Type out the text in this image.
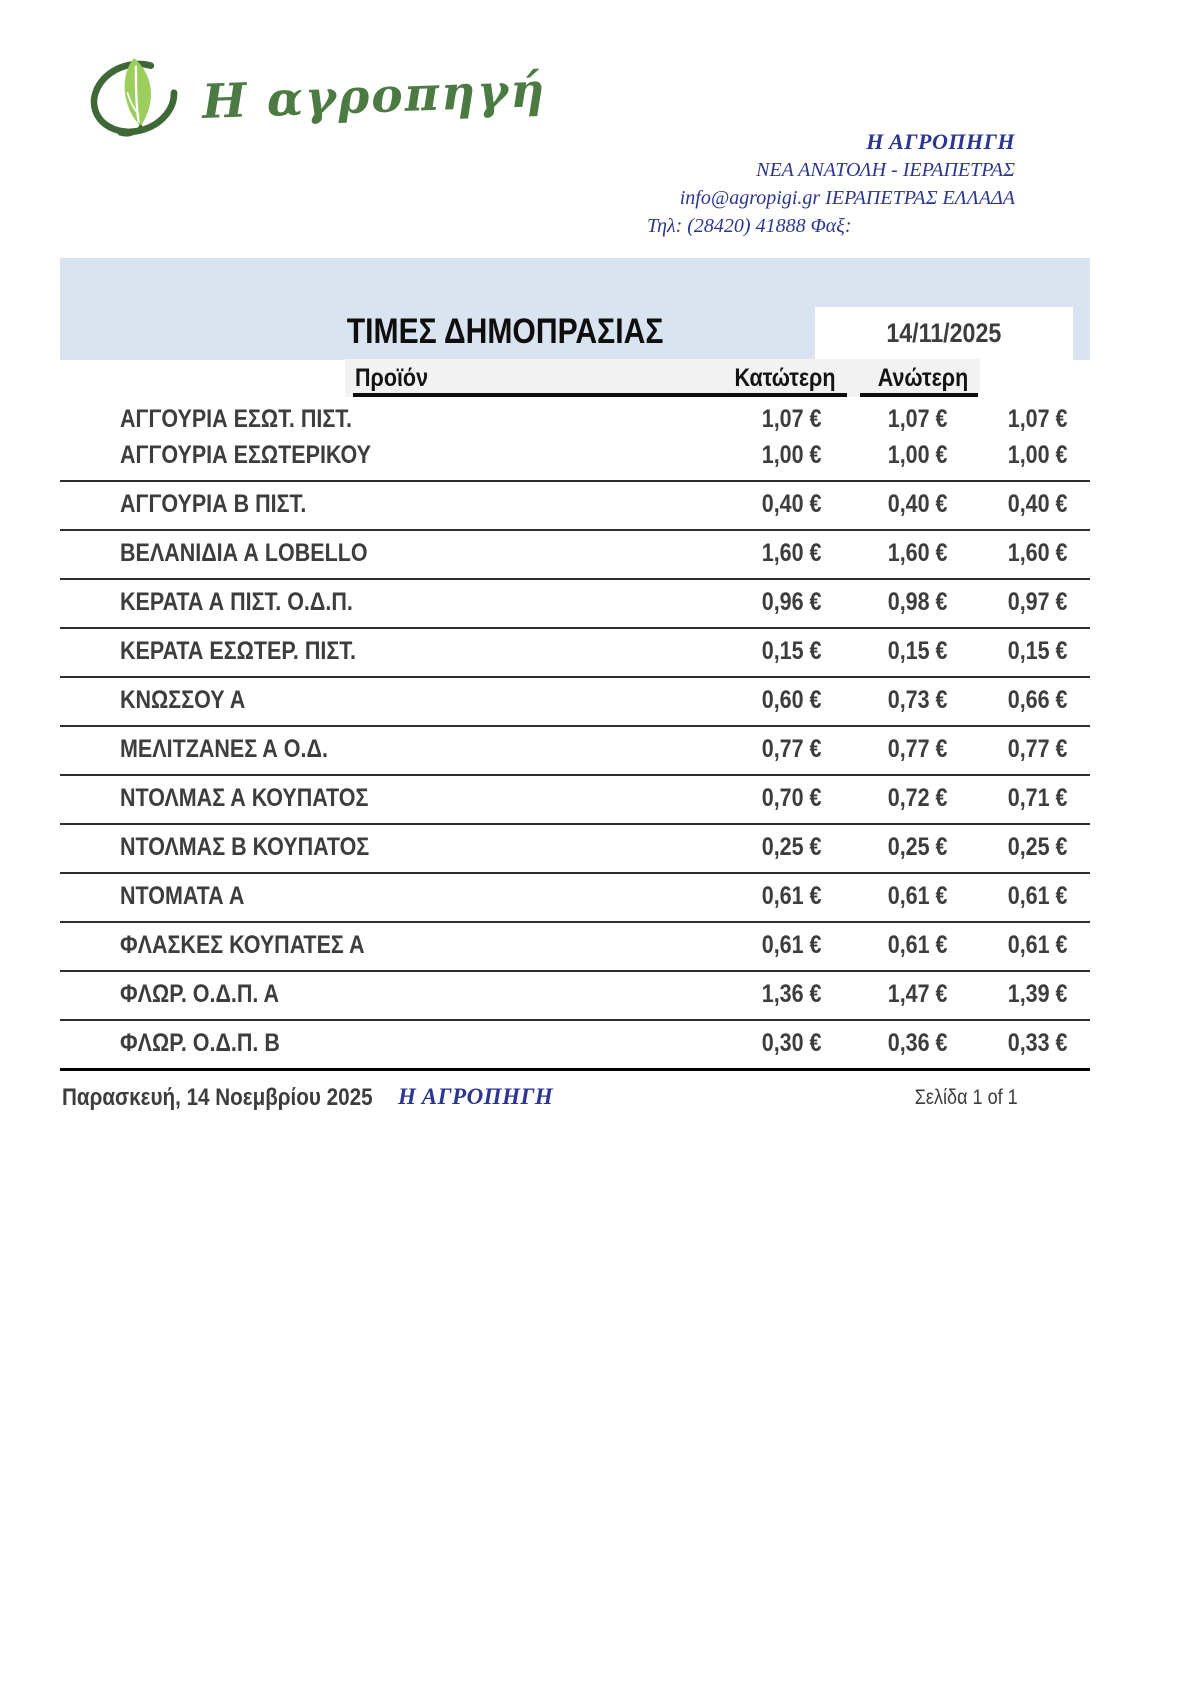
Η αγροπηγή
Η ΑΓΡΟΠΗΓΗ
ΝΕΑ ΑΝΑΤΟΛΗ - ΙΕΡΑΠΕΤΡΑΣ
info@agropigi.gr ΙΕΡΑΠΕΤΡΑΣ ΕΛΛΑΔΑ
Τηλ: (28420) 41888 Φαξ:
ΤΙΜΕΣ ΔΗΜΟΠΡΑΣΙΑΣ	14/11/2025
Προϊόν	Κατώτερη	Ανώτερη
ΑΓΓΟΥΡΙΑ ΕΣΩΤ. ΠΙΣΤ.	1,07 €	1,07 €	1,07 €
ΑΓΓΟΥΡΙΑ ΕΣΩΤΕΡΙΚΟΥ	1,00 €	1,00 €	1,00 €
ΑΓΓΟΥΡΙΑ Β ΠΙΣΤ.	0,40 €	0,40 €	0,40 €
ΒΕΛΑΝΙΔΙΑ Α LOBELLO	1,60 €	1,60 €	1,60 €
ΚΕΡΑΤΑ Α ΠΙΣΤ. Ο.Δ.Π.	0,96 €	0,98 €	0,97 €
ΚΕΡΑΤΑ ΕΣΩΤΕΡ. ΠΙΣΤ.	0,15 €	0,15 €	0,15 €
ΚΝΩΣΣΟΥ Α	0,60 €	0,73 €	0,66 €
ΜΕΛΙΤΖΑΝΕΣ Α Ο.Δ.	0,77 €	0,77 €	0,77 €
ΝΤΟΛΜΑΣ Α ΚΟΥΠΑΤΟΣ	0,70 €	0,72 €	0,71 €
ΝΤΟΛΜΑΣ Β ΚΟΥΠΑΤΟΣ	0,25 €	0,25 €	0,25 €
ΝΤΟΜΑΤΑ Α	0,61 €	0,61 €	0,61 €
ΦΛΑΣΚΕΣ ΚΟΥΠΑΤΕΣ Α	0,61 €	0,61 €	0,61 €
ΦΛΩΡ. Ο.Δ.Π. Α	1,36 €	1,47 €	1,39 €
ΦΛΩΡ. Ο.Δ.Π. Β	0,30 €	0,36 €	0,33 €
Παρασκευή, 14 Νοεμβρίου 2025	Η ΑΓΡΟΠΗΓΗ	Σελίδα 1 of 1
